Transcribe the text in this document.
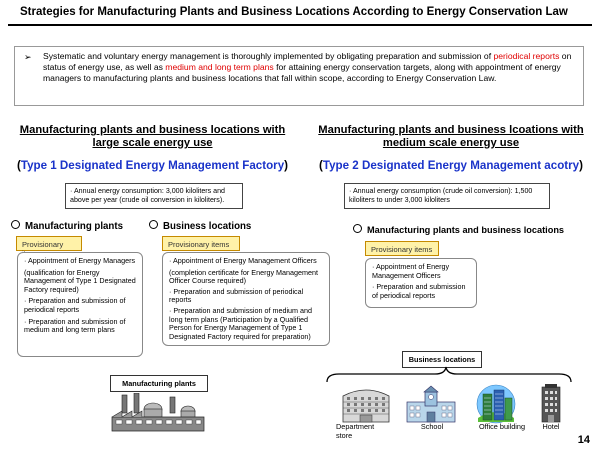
Strategies for Manufacturing Plants and Business Locations According to Energy Conservation Law
➢ Systematic and voluntary energy management is thoroughly implemented by obligating preparation and submission of periodical reports on status of energy use, as well as medium and long term plans for attaining energy conservation targets, along with appointment of energy managers to manufacturing plants and business locations that fall within scope, according to Energy Conservation Law.
Manufacturing plants and business locations with large scale energy use
(Type 1 Designated Energy Management Factory)
· Annual energy consumption: 3,000 kiloliters and above per year (crude oil conversion in kiloliters).
Manufacturing plants
Provisionary

· Appointment of Energy Managers

(qualification for Energy Management of Type 1 Designated Factory required)

· Preparation and submission of periodical reports

· Preparation and submission of medium and long term plans

Business locations
Provisionary items

· Appointment of Energy Management Officers

(completion certificate for Energy Management Officer Course required)

· Preparation and submission of periodical reports

· Preparation and submission of medium and long term plans (Participation by a Qualified Person for Energy Management of Type 1 Designated Factory required for preparation)

Manufacturing plants
Manufacturing plants and business lcoations with medium scale energy use
(Type 2 Designated Energy Management acotry)
· Annual energy consumption (crude oil conversion): 1,500 kiloliters to under 3,000 kiloliters
Manufacturing plants and business locations
Provisionary items

· Appointment of Energy Management Officers

· Preparation and submission of periodical reports

Business locations
Department store
School	Office building	Hotel
14
